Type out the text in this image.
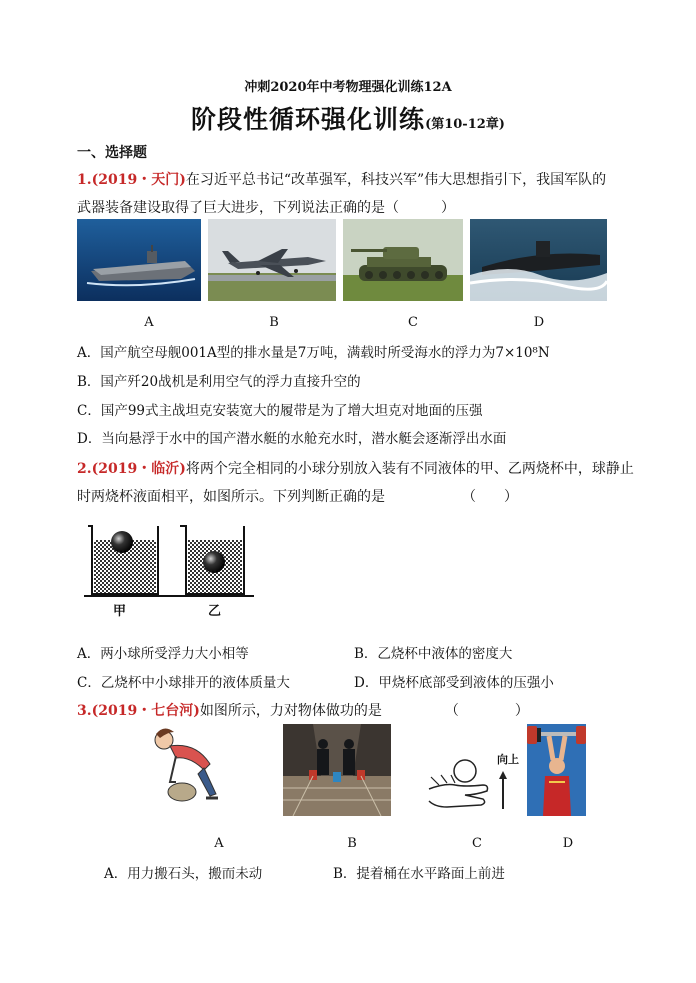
冲刺2020年中考物理强化训练12A
阶段性循环强化训练(第10-12章)
一、选择题
1.(2019・天门)在习近平总书记“改革强军，科技兴军”伟大思想指引下，我国军队的
武器装备建设取得了巨大进步，下列说法正确的是（　　　）
A	B	C	D
A．国产航空母舰001A型的排水量是7万吨，满载时所受海水的浮力为7×10⁸N
B．国产歼20战机是利用空气的浮力直接升空的
C．国产99式主战坦克安装宽大的履带是为了增大坦克对地面的压强
D．当向悬浮于水中的国产潜水艇的水舱充水时，潜水艇会逐渐浮出水面
2.(2019・临沂)将两个完全相同的小球分别放入装有不同液体的甲、乙两烧杯中，球静止
时两烧杯液面相平，如图所示。下列判断正确的是　　　　　　（　　）
甲	乙
A．两小球所受浮力大小相等	B．乙烧杯中液体的密度大
C．乙烧杯中小球排开的液体质量大	D．甲烧杯底部受到液体的压强小
3.(2019・七台河)如图所示，力对物体做功的是　　　　　（　　　　）
向上
A	B	C	D
A．用力搬石头，搬而未动	B．提着桶在水平路面上前进
